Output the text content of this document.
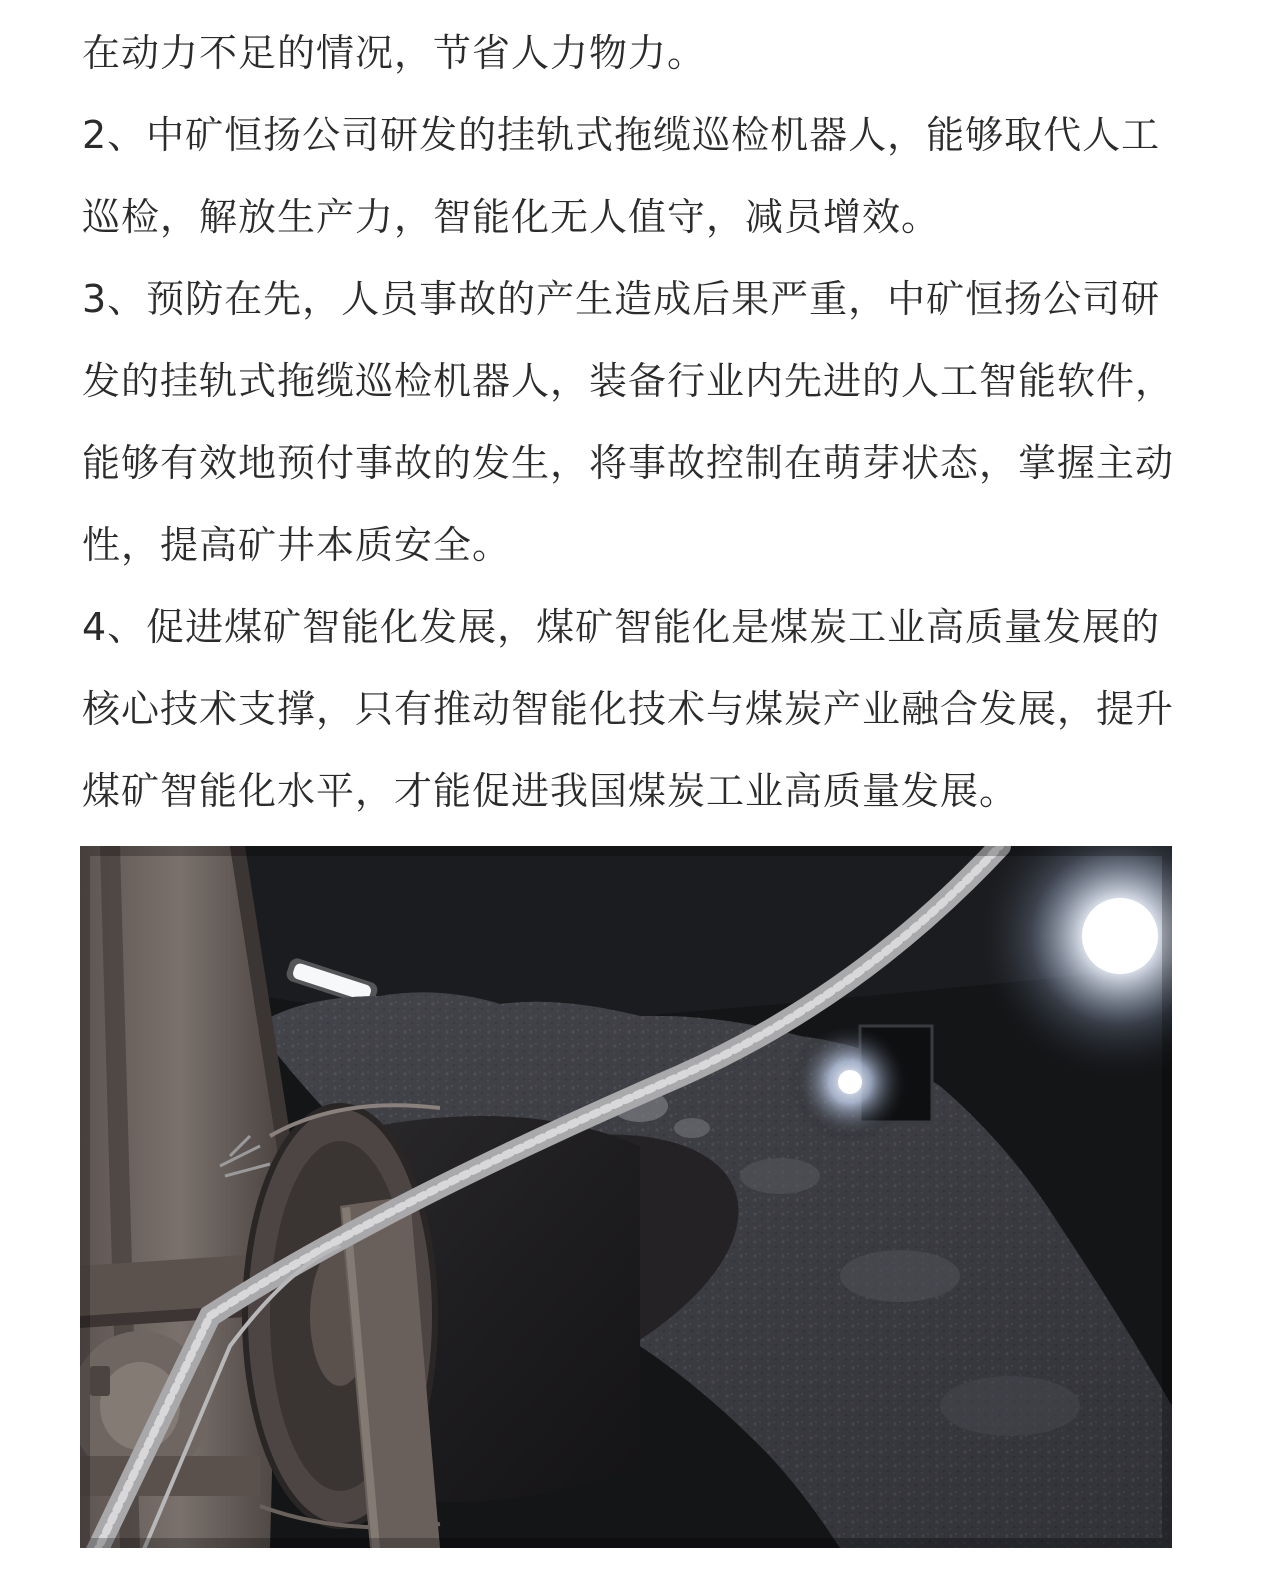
在动力不足的情况，节省人力物力。
2、中矿恒扬公司研发的挂轨式拖缆巡检机器人，能够取代人工
巡检，解放生产力，智能化无人值守，减员增效。
3、预防在先，人员事故的产生造成后果严重，中矿恒扬公司研
发的挂轨式拖缆巡检机器人，装备行业内先进的人工智能软件，
能够有效地预付事故的发生，将事故控制在萌芽状态，掌握主动
性，提高矿井本质安全。
4、促进煤矿智能化发展，煤矿智能化是煤炭工业高质量发展的
核心技术支撑，只有推动智能化技术与煤炭产业融合发展，提升
煤矿智能化水平，才能促进我国煤炭工业高质量发展。
